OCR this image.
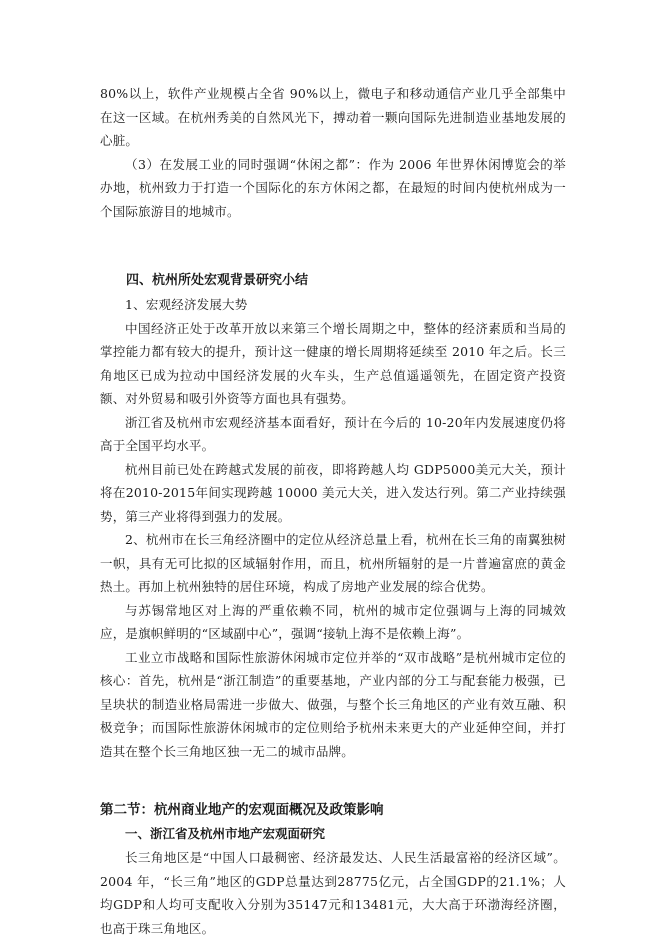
80%以上，软件产业规模占全省 90%以上，微电子和移动通信产业几乎全部集中在这一区域。在杭州秀美的自然风光下，搏动着一颗向国际先进制造业基地发展的心脏。

（3）在发展工业的同时强调“休闲之都”：作为 2006 年世界休闲博览会的举办地，杭州致力于打造一个国际化的东方休闲之都，在最短的时间内使杭州成为一个国际旅游目的地城市。

四、杭州所处宏观背景研究小结

1、宏观经济发展大势

中国经济正处于改革开放以来第三个增长周期之中，整体的经济素质和当局的掌控能力都有较大的提升，预计这一健康的增长周期将延续至 2010 年之后。长三角地区已成为拉动中国经济发展的火车头，生产总值遥遥领先，在固定资产投资额、对外贸易和吸引外资等方面也具有强势。

浙江省及杭州市宏观经济基本面看好，预计在今后的 10-20年内发展速度仍将高于全国平均水平。

杭州目前已处在跨越式发展的前夜，即将跨越人均 GDP5000美元大关，预计将在2010-2015年间实现跨越 10000 美元大关，进入发达行列。第二产业持续强势，第三产业将得到强力的发展。

2、杭州市在长三角经济圈中的定位从经济总量上看，杭州在长三角的南翼独树一帜，具有无可比拟的区域辐射作用，而且，杭州所辐射的是一片普遍富庶的黄金热土。再加上杭州独特的居住环境，构成了房地产业发展的综合优势。

与苏锡常地区对上海的严重依赖不同，杭州的城市定位强调与上海的同城效应，是旗帜鲜明的“区域副中心”，强调“接轨上海不是依赖上海”。

工业立市战略和国际性旅游休闲城市定位并举的“双市战略”是杭州城市定位的核心：首先，杭州是“浙江制造”的重要基地，产业内部的分工与配套能力极强，已呈块状的制造业格局需进一步做大、做强，与整个长三角地区的产业有效互融、积极竞争；而国际性旅游休闲城市的定位则给予杭州未来更大的产业延伸空间，并打造其在整个长三角地区独一无二的城市品牌。

第二节：杭州商业地产的宏观面概况及政策影响
一、浙江省及杭州市地产宏观面研究

长三角地区是“中国人口最稠密、经济最发达、人民生活最富裕的经济区域”。2004 年，“长三角”地区的GDP总量达到28775亿元，占全国GDP的21.1%；人均GDP和人均可支配收入分别为35147元和13481元，大大高于环渤海经济圈，也高于珠三角地区。
